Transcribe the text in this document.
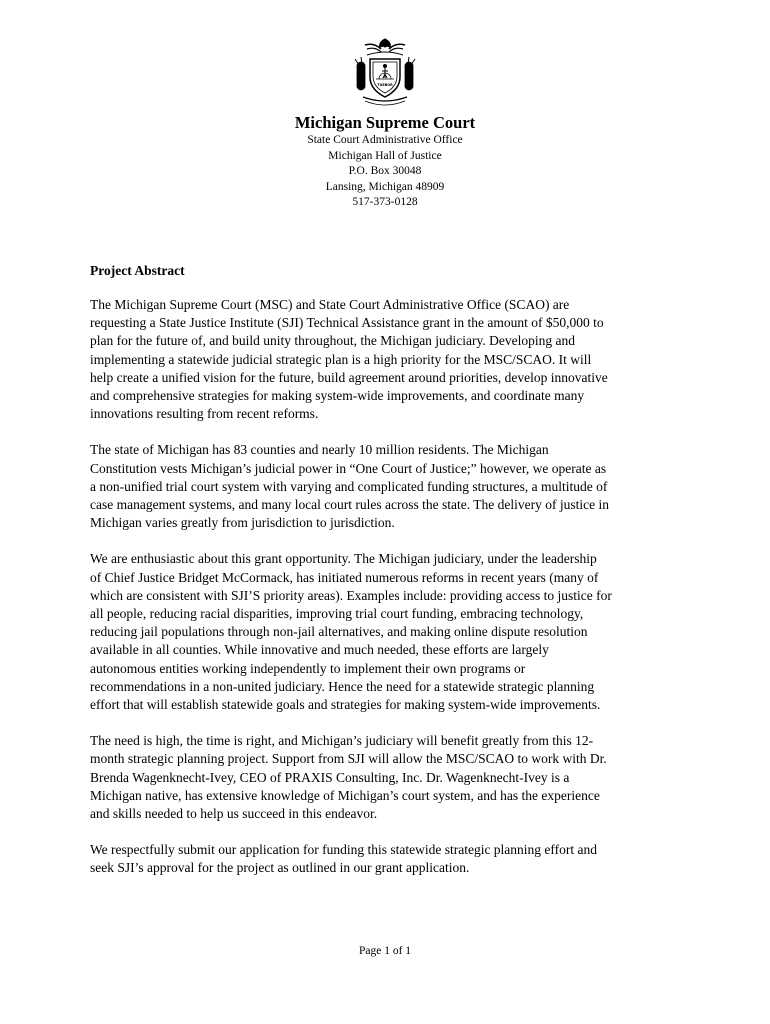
TUEBOR
Michigan Supreme Court
State Court Administrative Office
Michigan Hall of Justice
P.O. Box 30048
Lansing, Michigan 48909
517-373-0128
Project Abstract
The Michigan Supreme Court (MSC) and State Court Administrative Office (SCAO) are
requesting a State Justice Institute (SJI) Technical Assistance grant in the amount of $50,000 to
plan for the future of, and build unity throughout, the Michigan judiciary. Developing and
implementing a statewide judicial strategic plan is a high priority for the MSC/SCAO. It will
help create a unified vision for the future, build agreement around priorities, develop innovative
and comprehensive strategies for making system-wide improvements, and coordinate many
innovations resulting from recent reforms.
The state of Michigan has 83 counties and nearly 10 million residents. The Michigan
Constitution vests Michigan’s judicial power in “One Court of Justice;” however, we operate as
a non-unified trial court system with varying and complicated funding structures, a multitude of
case management systems, and many local court rules across the state. The delivery of justice in
Michigan varies greatly from jurisdiction to jurisdiction.
We are enthusiastic about this grant opportunity. The Michigan judiciary, under the leadership
of Chief Justice Bridget McCormack, has initiated numerous reforms in recent years (many of
which are consistent with SJI’S priority areas). Examples include: providing access to justice for
all people, reducing racial disparities, improving trial court funding, embracing technology,
reducing jail populations through non-jail alternatives, and making online dispute resolution
available in all counties. While innovative and much needed, these efforts are largely
autonomous entities working independently to implement their own programs or
recommendations in a non-united judiciary. Hence the need for a statewide strategic planning
effort that will establish statewide goals and strategies for making system-wide improvements.
The need is high, the time is right, and Michigan’s judiciary will benefit greatly from this 12-
month strategic planning project. Support from SJI will allow the MSC/SCAO to work with Dr.
Brenda Wagenknecht-Ivey, CEO of PRAXIS Consulting, Inc. Dr. Wagenknecht-Ivey is a
Michigan native, has extensive knowledge of Michigan’s court system, and has the experience
and skills needed to help us succeed in this endeavor.
We respectfully submit our application for funding this statewide strategic planning effort and
seek SJI’s approval for the project as outlined in our grant application.
Page 1 of 1
